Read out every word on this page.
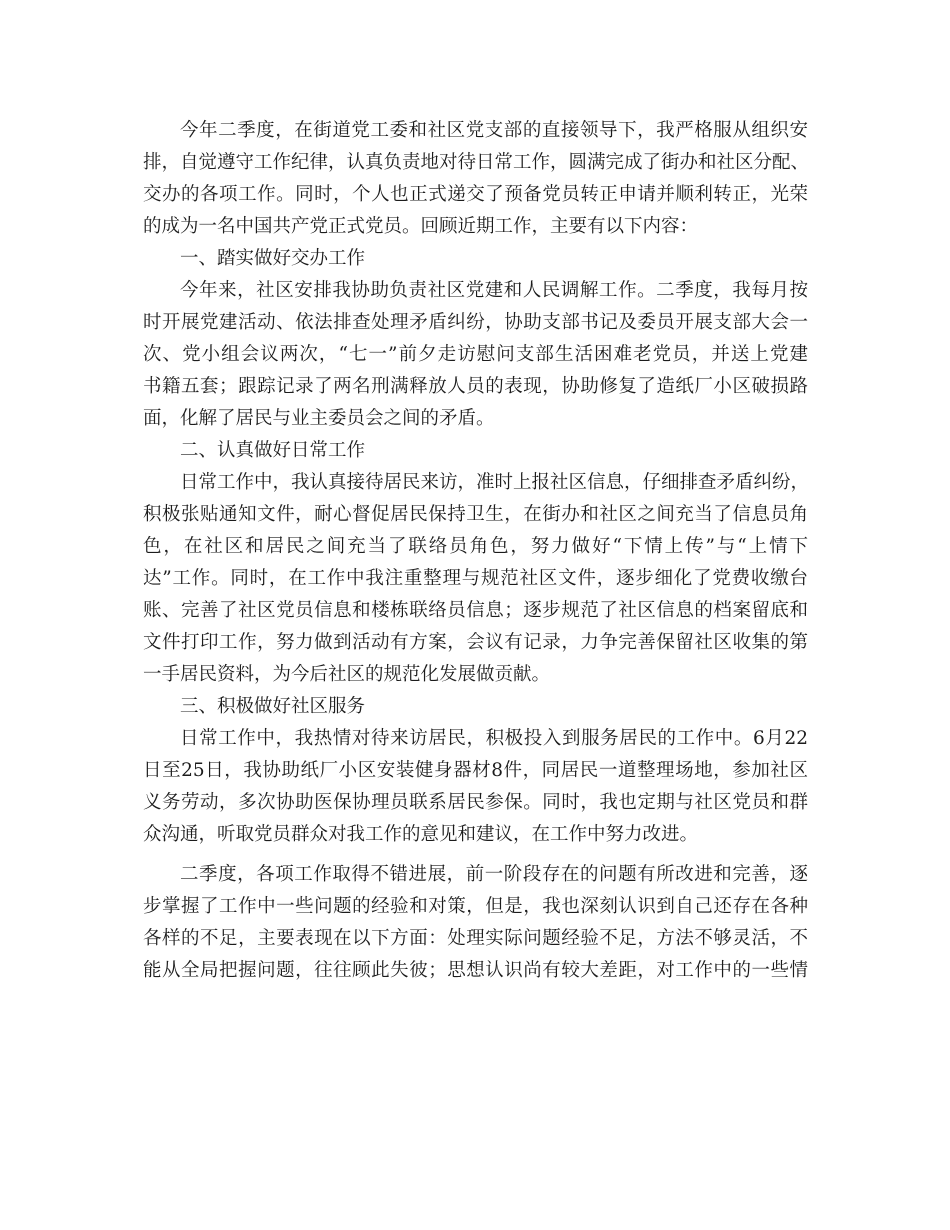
今年二季度，在街道党工委和社区党支部的直接领导下，我严格服从组织安
排，自觉遵守工作纪律，认真负责地对待日常工作，圆满完成了街办和社区分配、
交办的各项工作。同时，个人也正式递交了预备党员转正申请并顺利转正，光荣
的成为一名中国共产党正式党员。回顾近期工作，主要有以下内容：
一、踏实做好交办工作
今年来，社区安排我协助负责社区党建和人民调解工作。二季度，我每月按
时开展党建活动、依法排查处理矛盾纠纷，协助支部书记及委员开展支部大会一
次、党小组会议两次，“七一”前夕走访慰问支部生活困难老党员，并送上党建
书籍五套；跟踪记录了两名刑满释放人员的表现，协助修复了造纸厂小区破损路
面，化解了居民与业主委员会之间的矛盾。
二、认真做好日常工作
日常工作中，我认真接待居民来访，准时上报社区信息，仔细排查矛盾纠纷，
积极张贴通知文件，耐心督促居民保持卫生，在街办和社区之间充当了信息员角
色，在社区和居民之间充当了联络员角色，努力做好“下情上传”与“上情下
达”工作。同时，在工作中我注重整理与规范社区文件，逐步细化了党费收缴台
账、完善了社区党员信息和楼栋联络员信息；逐步规范了社区信息的档案留底和
文件打印工作，努力做到活动有方案，会议有记录，力争完善保留社区收集的第
一手居民资料，为今后社区的规范化发展做贡献。
三、积极做好社区服务
日常工作中，我热情对待来访居民，积极投入到服务居民的工作中。6月22
日至25日，我协助纸厂小区安装健身器材8件，同居民一道整理场地，参加社区
义务劳动，多次协助医保协理员联系居民参保。同时，我也定期与社区党员和群
众沟通，听取党员群众对我工作的意见和建议，在工作中努力改进。
二季度，各项工作取得不错进展，前一阶段存在的问题有所改进和完善，逐
步掌握了工作中一些问题的经验和对策，但是，我也深刻认识到自己还存在各种
各样的不足，主要表现在以下方面：处理实际问题经验不足，方法不够灵活，不
能从全局把握问题，往往顾此失彼；思想认识尚有较大差距，对工作中的一些情
